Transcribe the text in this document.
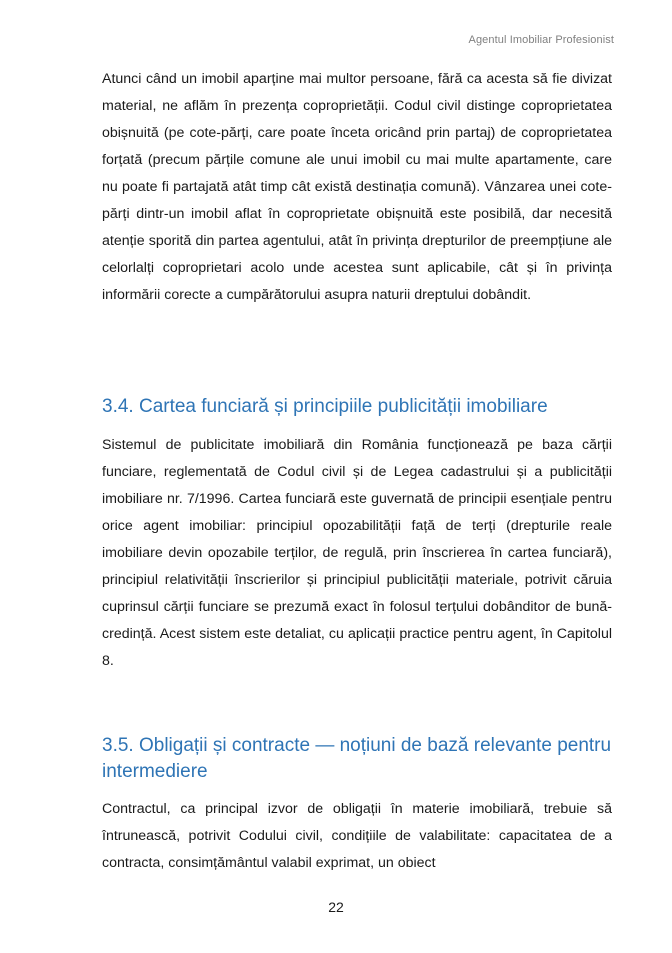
Agentul Imobiliar Profesionist

Atunci când un imobil aparține mai multor persoane, fără ca acesta să fie divizat material, ne aflăm în prezența coproprietății. Codul civil distinge coproprietatea obișnuită (pe cote-părți, care poate înceta oricând prin partaj) de coproprietatea forțată (precum părțile comune ale unui imobil cu mai multe apartamente, care nu poate fi partajată atât timp cât există destinația comună). Vânzarea unei cote-părți dintr-un imobil aflat în coproprietate obișnuită este posibilă, dar necesită atenție sporită din partea agentului, atât în privința drepturilor de preempțiune ale celorlalți coproprietari acolo unde acestea sunt aplicabile, cât și în privința informării corecte a cumpărătorului asupra naturii dreptului dobândit.

3.4. Cartea funciară și principiile publicității imobiliare

Sistemul de publicitate imobiliară din România funcționează pe baza cărții funciare, reglementată de Codul civil și de Legea cadastrului și a publicității imobiliare nr. 7/1996. Cartea funciară este guvernată de principii esențiale pentru orice agent imobiliar: principiul opozabilității față de terți (drepturile reale imobiliare devin opozabile terților, de regulă, prin înscrierea în cartea funciară), principiul relativității înscrierilor și principiul publicității materiale, potrivit căruia cuprinsul cărții funciare se prezumă exact în folosul terțului dobânditor de bună-credință. Acest sistem este detaliat, cu aplicații practice pentru agent, în Capitolul 8.

3.5. Obligații și contracte — noțiuni de bază relevante pentru intermediere

Contractul, ca principal izvor de obligații în materie imobiliară, trebuie să întrunească, potrivit Codului civil, condițiile de valabilitate: capacitatea de a contracta, consimțământul valabil exprimat, un obiect

22
